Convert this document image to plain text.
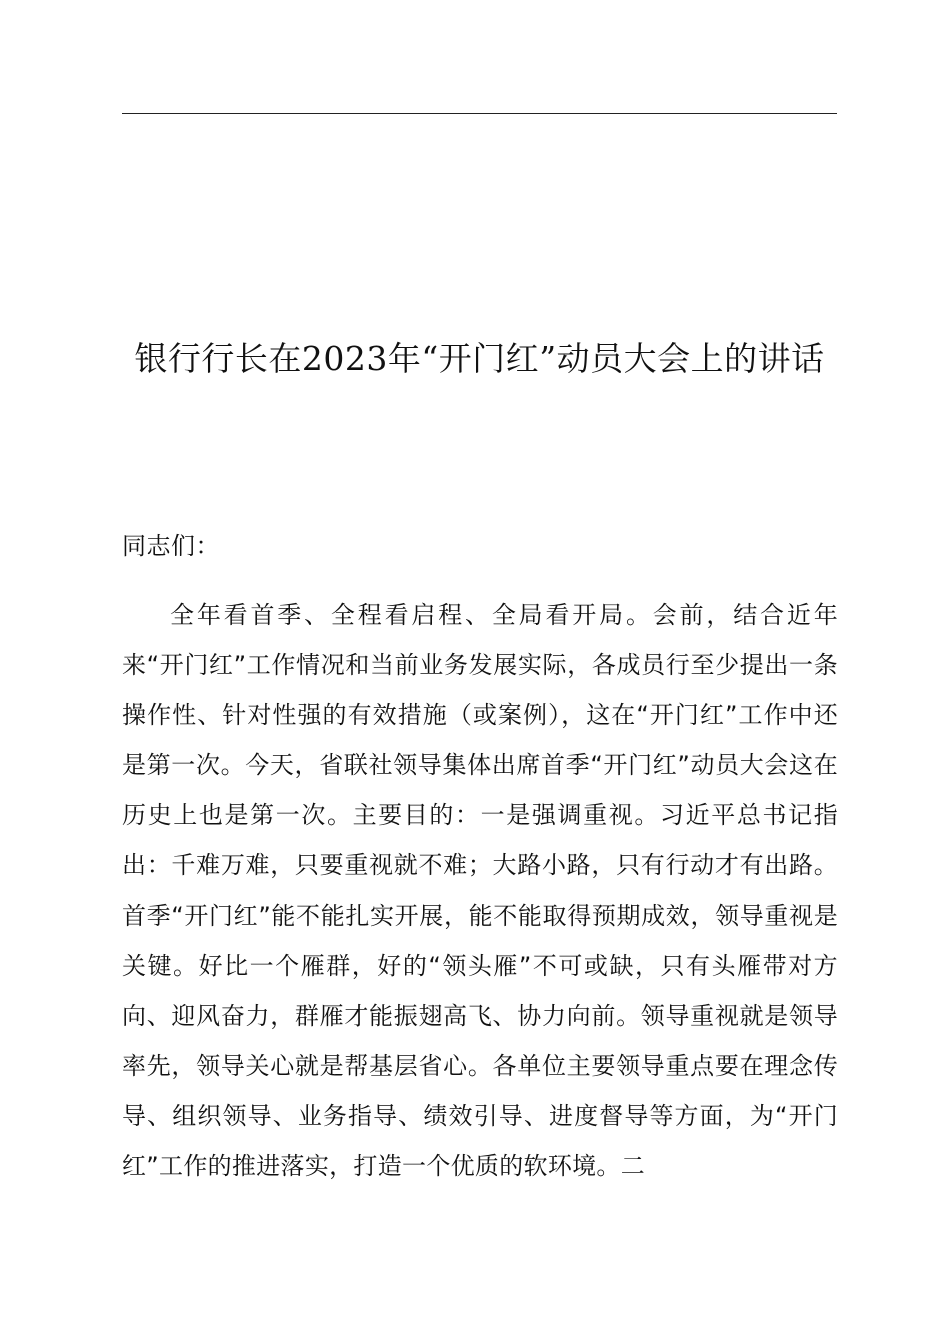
银行行长在2023年“开门红”动员大会上的讲话

同志们：

全年看首季、全程看启程、全局看开局。会前，结合近年来“开门红”工作情况和当前业务发展实际，各成员行至少提出一条操作性、针对性强的有效措施（或案例），这在“开门红”工作中还是第一次。今天，省联社领导集体出席首季“开门红”动员大会这在历史上也是第一次。主要目的：一是强调重视。习近平总书记指出：千难万难，只要重视就不难；大路小路，只有行动才有出路。首季“开门红”能不能扎实开展，能不能取得预期成效，领导重视是关键。好比一个雁群，好的“领头雁”不可或缺，只有头雁带对方向、迎风奋力，群雁才能振翅高飞、协力向前。领导重视就是领导率先，领导关心就是帮基层省心。各单位主要领导重点要在理念传导、组织领导、业务指导、绩效引导、进度督导等方面，为“开门红”工作的推进落实，打造一个优质的软环境。二
